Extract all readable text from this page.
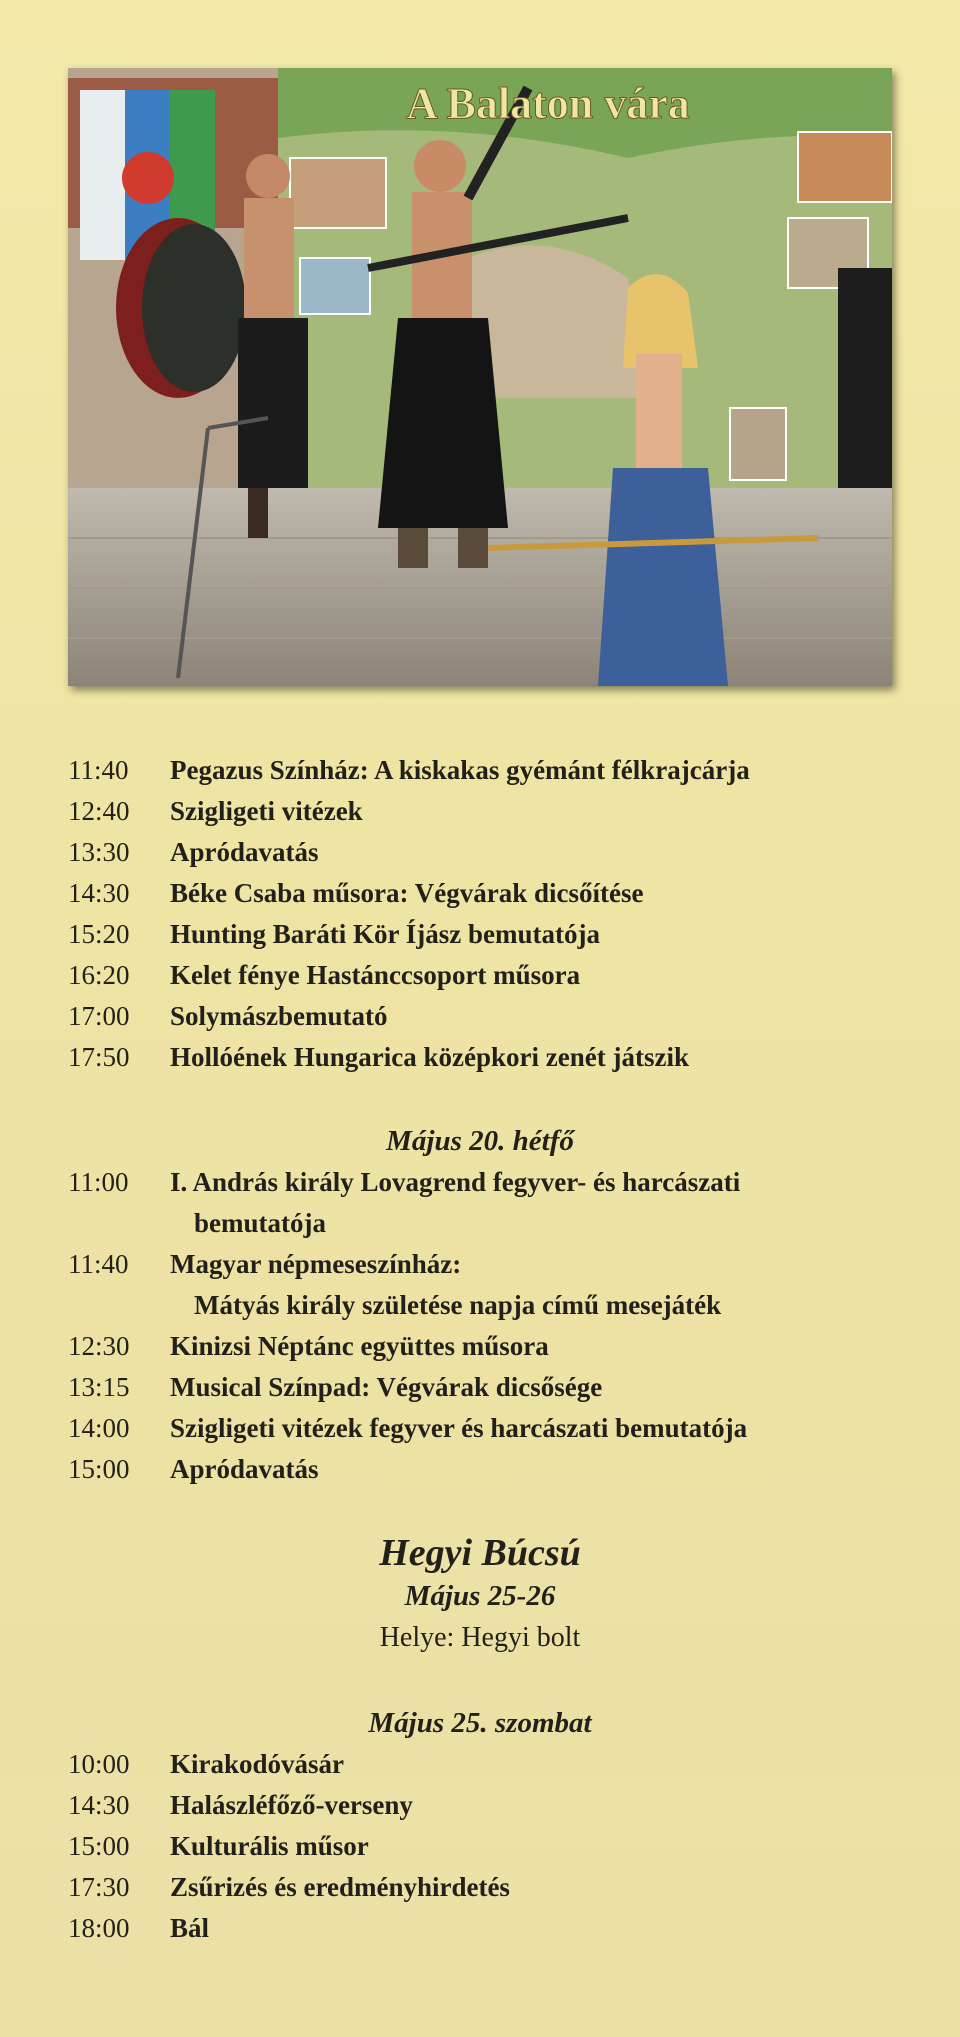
A Balaton vára
11:40	Pegazus Színház: A kiskakas gyémánt félkrajcárja
12:40	Szigligeti vitézek
13:30	Apródavatás
14:30	Béke Csaba műsora: Végvárak dicsőítése
15:20	Hunting Baráti Kör Íjász bemutatója
16:20	Kelet fénye Hastánccsoport műsora
17:00	Solymászbemutató
17:50	Hollóének Hungarica középkori zenét játszik
Május 20. hétfő
11:00	I. András király Lovagrend fegyver- és harcászati
bemutatója
11:40	Magyar népmeseszínház:
Mátyás király születése napja című mesejáték
12:30	Kinizsi Néptánc együttes műsora
13:15	Musical Színpad: Végvárak dicsősége
14:00	Szigligeti vitézek fegyver és harcászati bemutatója
15:00	Apródavatás
Hegyi Búcsú
Május 25-26
Helye: Hegyi bolt
Május 25. szombat
10:00	Kirakodóvásár
14:30	Halászléfőző-verseny
15:00	Kulturális műsor
17:30	Zsűrizés és eredményhirdetés
18:00	Bál
